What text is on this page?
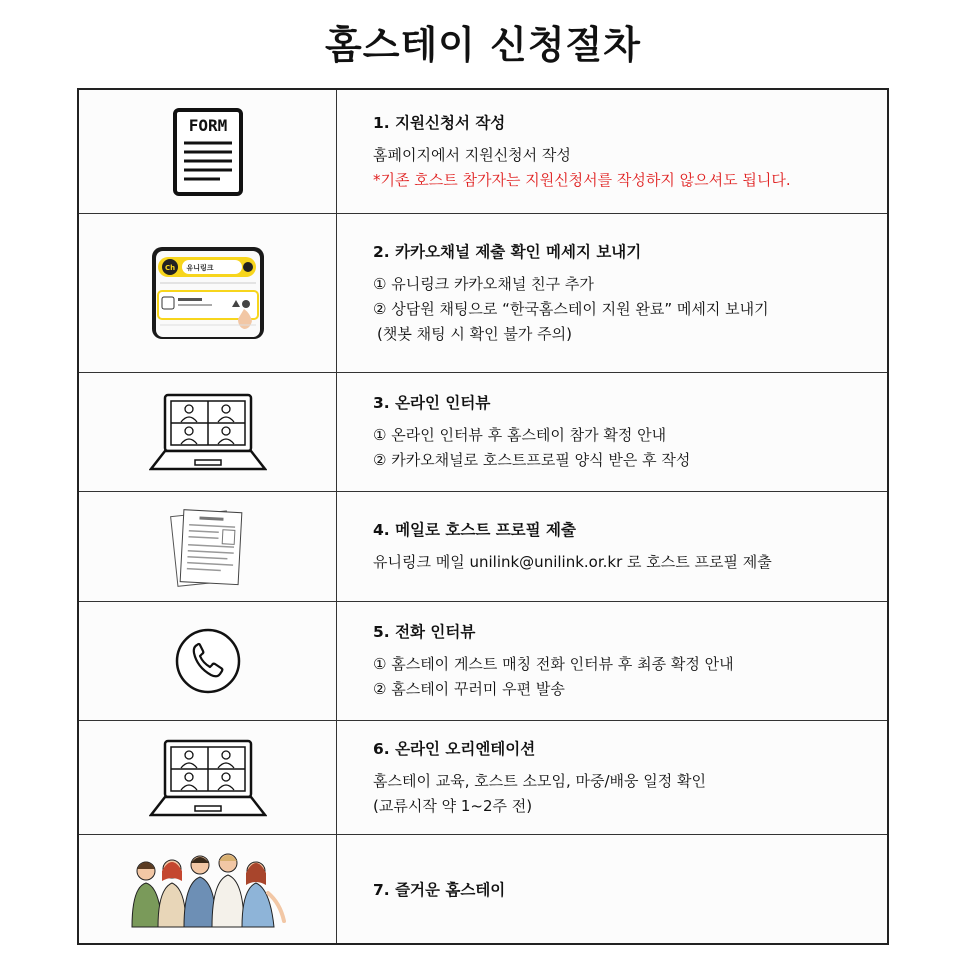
홈스테이 신청절차
FORM	1. 지원신청서 작성
홈페이지에서 지원신청서 작성
*기존 호스트 참가자는 지원신청서를 작성하지 않으셔도 됩니다.
Ch 유니링크
2. 카카오채널 제출 확인 메세지 보내기
① 유니링크 카카오채널 친구 추가
② 상담원 채팅으로 “한국홈스테이 지원 완료” 메세지 보내기
(챗봇 채팅 시 확인 불가 주의)
3. 온라인 인터뷰
① 온라인 인터뷰 후 홈스테이 참가 확정 안내
② 카카오채널로 호스트프로필 양식 받은 후 작성
4. 메일로 호스트 프로필 제출
유니링크 메일 unilink@unilink.or.kr 로 호스트 프로필 제출
5. 전화 인터뷰
① 홈스테이 게스트 매칭 전화 인터뷰 후 최종 확정 안내
② 홈스테이 꾸러미 우편 발송
6. 온라인 오리엔테이션
홈스테이 교육, 호스트 소모임, 마중/배웅 일정 확인
(교류시작 약 1~2주 전)
7. 즐거운 홈스테이
